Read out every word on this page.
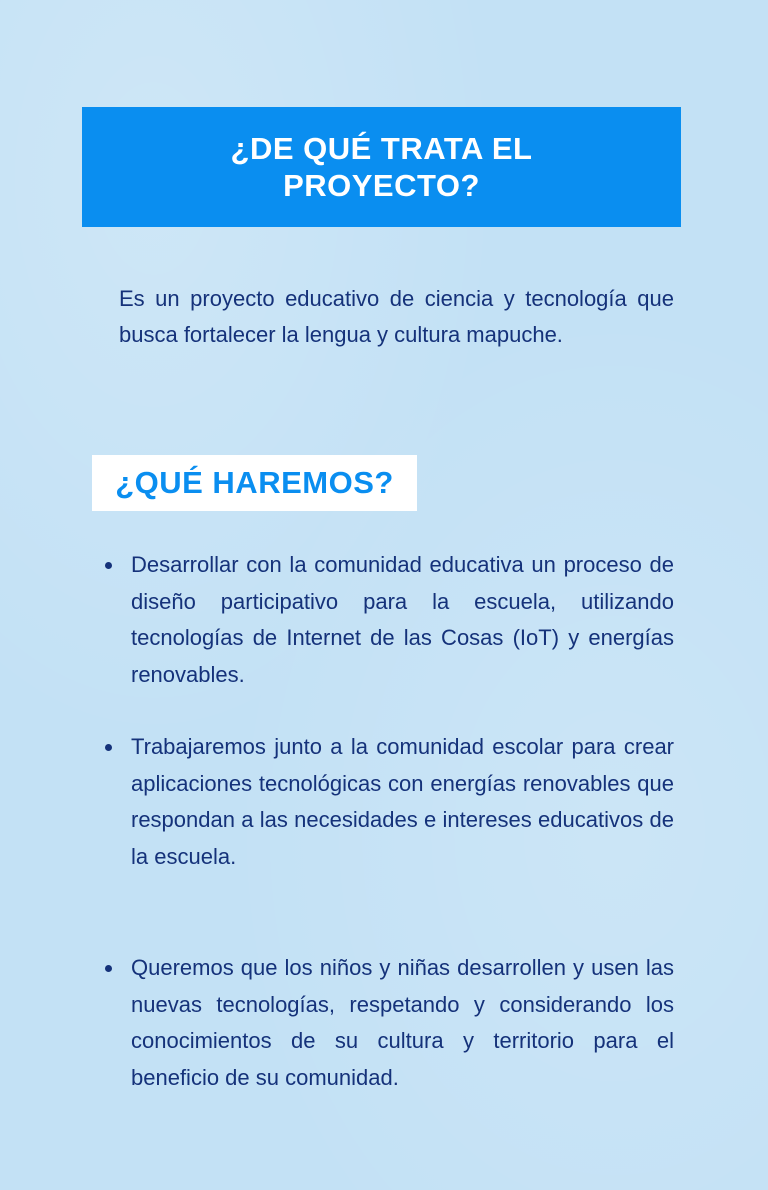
¿DE QUÉ TRATA EL PROYECTO?

Es un proyecto educativo de ciencia y tecnología que busca fortalecer la lengua y cultura mapuche.

¿QUÉ HAREMOS?
Desarrollar con la comunidad educativa un proceso de diseño participativo para la escuela, utilizando tecnologías de Internet de las Cosas (IoT) y energías renovables.
Trabajaremos junto a la comunidad escolar para crear aplicaciones tecnológicas con energías renovables que respondan a las necesidades e intereses educativos de la escuela.
Queremos que los niños y niñas desarrollen y usen las nuevas tecnologías, respetando y considerando los conocimientos de su cultura y territorio para el beneficio de su comunidad.
